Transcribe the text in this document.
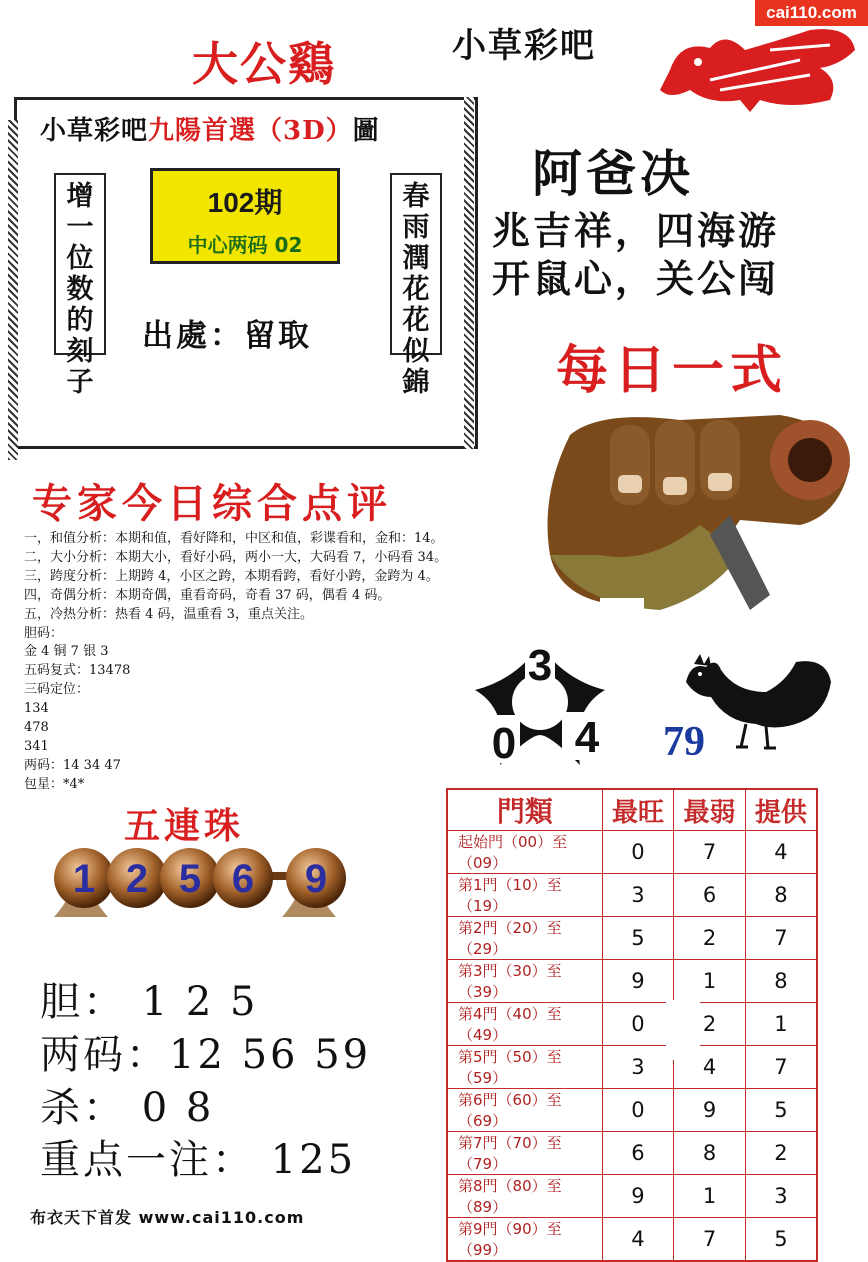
cai110.com
大公鷄	小草彩吧
小草彩吧九陽首選（3D）圖
增一位数的刻子
春雨潤花花似錦
102期
中心两码 02
出處：留取
阿爸决
兆吉祥，四海游
开鼠心，关公闯
每日一式
专家今日综合点评
一，和值分析：本期和值，看好降和，中区和值，彩谍看和，金和：14。
二，大小分析：本期大小，看好小码，两小一大，大码看 7，小码看 34。
三，跨度分析：上期跨 4，小区之跨，本期看跨，看好小跨，金跨为 4。
四，奇偶分析：本期奇偶，重看奇码，奇看 37 码，偶看 4 码。
五，冷热分析：热看 4 码，温重看 3，重点关注。
胆码：
金 4 铜 7 银 3
五码复式：13478
三码定位：
134
478
341
两码：14 34 47
包星：*4*
3
0 4 79
五連珠
1 2 5 6 9
胆： 1 2 5
两码：12 56 59
杀： 0 8
重点一注： 125
布衣天下首发 www.cai110.com
門類	最旺	最弱	提供
起始門（00）至（09）	0	7	4
第1門（10）至（19）	3	6	8
第2門（20）至（29）	5	2	7
第3門（30）至（39）	9	1	8
第4門（40）至（49）	0	2	1
第5門（50）至（59）	3	4	7
第6門（60）至（69）	0	9	5
第7門（70）至（79）	6	8	2
第8門（80）至（89）	9	1	3
第9門（90）至（99）	4	7	5
